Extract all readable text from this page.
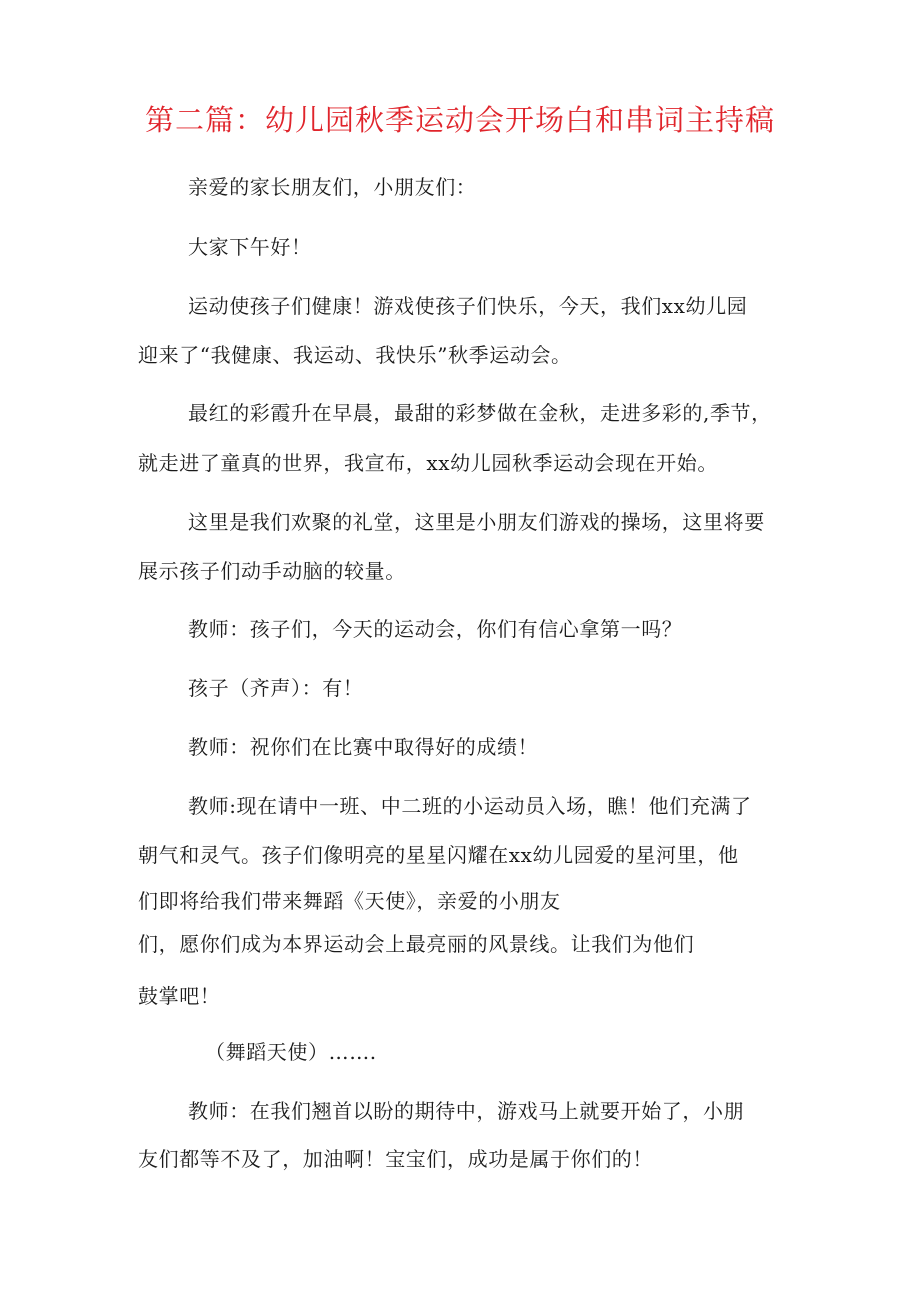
第二篇：幼儿园秋季运动会开场白和串词主持稿

亲爱的家长朋友们，小朋友们：

大家下午好！

运动使孩子们健康！游戏使孩子们快乐，今天，我们xx幼儿园

迎来了“我健康、我运动、我快乐”秋季运动会。

最红的彩霞升在早晨，最甜的彩梦做在金秋，走进多彩的,季节，

就走进了童真的世界，我宣布，xx幼儿园秋季运动会现在开始。

这里是我们欢聚的礼堂，这里是小朋友们游戏的操场，这里将要

展示孩子们动手动脑的较量。

教师：孩子们，今天的运动会，你们有信心拿第一吗？

孩子（齐声）：有！

教师：祝你们在比赛中取得好的成绩！

教师:现在请中一班、中二班的小运动员入场，瞧！他们充满了

朝气和灵气。孩子们像明亮的星星闪耀在xx幼儿园爱的星河里，他

们即将给我们带来舞蹈《天使》，亲爱的小朋友

们，愿你们成为本界运动会上最亮丽的风景线。让我们为他们

鼓掌吧！

（舞蹈天使）…….

教师：在我们翘首以盼的期待中，游戏马上就要开始了，小朋

友们都等不及了，加油啊！宝宝们，成功是属于你们的！
